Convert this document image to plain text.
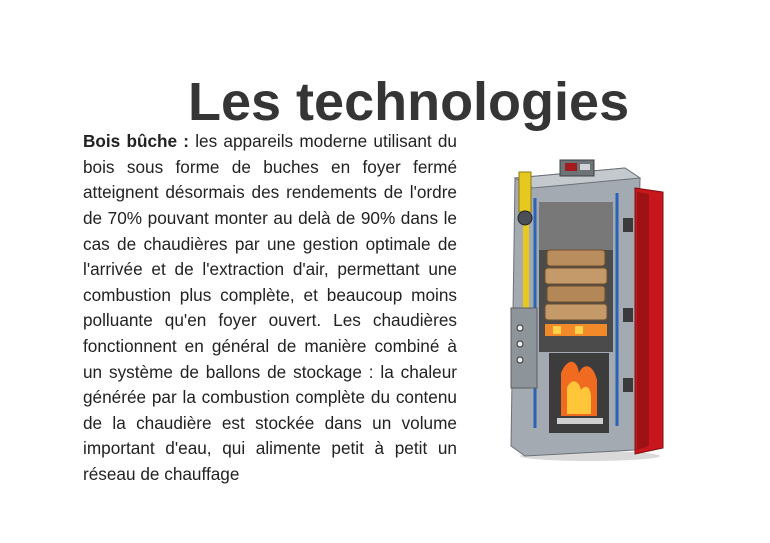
Les technologies

Bois bûche : les appareils moderne utilisant du bois sous forme de buches en foyer fermé atteignent désormais des rendements de l'ordre de 70% pouvant monter au delà de 90% dans le cas de chaudières par une gestion optimale de l'arrivée et de l'extraction d'air, permettant une combustion plus complète, et beaucoup moins polluante qu'en foyer ouvert. Les chaudières fonctionnent en général de manière combiné à un système de ballons de stockage : la chaleur générée par la combustion complète du contenu de la chaudière est stockée dans un volume important d'eau, qui alimente petit à petit un réseau de chauffage
